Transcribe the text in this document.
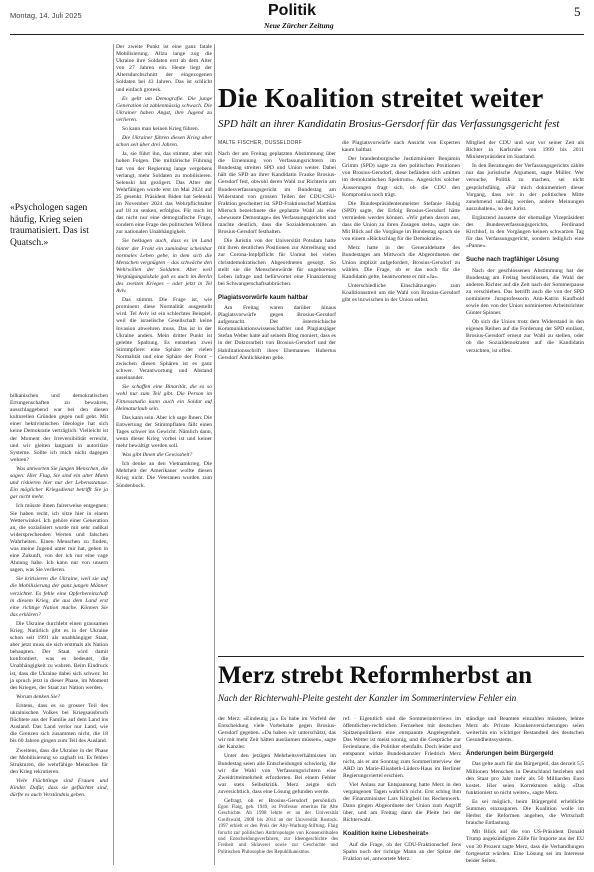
Montag, 14. Juli 2025	Politik
Neue Zürcher Zeitung
5
«Psychologen sagen häufig, Krieg seien traumatisiert. Das ist Quatsch.»

bilkanischen und demokratischen Errungenschaften zu bewahren, ausschlaggebend war bei den diesen kulturellen Gründen gegen null geht. Mit einer hektivistischen Ideologie hat sich keine Demokratie verträglich. Vielleicht ist der Moment der Irreversibilität erreicht, und wir gleiten langsam in autoritäre Systeme. Sollte ich mich nicht dagegen wehren?

Was antworten Sie jungen Menschen, die sagen: Hier Flug, Sie sind ein alter Mann und riskieren hier nur der Lebensstatuse. Ein möglicher Kriegsdienst betrifft Sie ja gar nicht mehr.

Ich müsste ihnen fairerweise entgegnen: Sie haben recht, ich sitze hier in einem Wetterwinkel. Ich gehöre einer Generation an, die sozialisiert wurde mit sehr radikal widersprechenden Werten und falschen Wahrheiten. Einen Menschen zu finden, was meine Jugend unter mir hat, gehen in eine Zukunft, von der ich nur eine vage Ahnung habe. Ich kann nur von unsern sagen, was Sie verlieren.

Sie kritisieren die Ukraine, weil sie auf die Mobilisierung der ganz jungen Männer verzichtet. Es fehle eine Opferbereitschaft in diesem Krieg, die aus dem Land erst eine richtige Nation mache. Können Sie das erklären?

Die Ukraine durchlebt einen grausamen Krieg. Natürlich gibt es in der Ukraine schon seit 1991 als unabhängiger Staat, aber jetzt muss sie sich erstmals als Nation behaupten. Der Staat wird damit konfrontiert, was es bedeutet, die Unabhängigkeit zu wahren. Beim Eindruck ist, dass die Ukraine dabei sich schwer. Ist ja spruch jetzt in dieser Phase, im Moment des Krieges, der Staat zur Nation werden.

Worum denken Sie?

Erstens, dass es so grosser Teil des ukrainischen Volkes bei Kriegsausbruch flüchtete aus der Familie auf dem Land ins Ausland. Das Land verlor nur Land, wie die Grenzen sich zusammen nicht, die 18 bis 60 Jahren gingen zum Teil des Ausland.

Zweitens, dass die Ukraine in der Phase der Mobilisierung so zaghaft ist. Es fehlen Strukturen, die wehrfähige Menschen für den Krieg rekrutieren.

Viele Flüchtlinge sind Frauen und Kinder. Dafür, dass sie geflüchtet sind, dürfte es auch Verständnis geben.

Der zweite Punkt ist eine ganz fatale Mobilisierung. Allzu lange zog die Ukraine ihre Soldaten erst ab dem Alter von 27 Jahren ein. Heute liegt der Altersdurchschnitt der eingezogenen Soldaten bei 43 Jahren. Das ist schlicht und einfach grotesk.

Es geht um Demografie. Die junge Generation ist zahlenmässig schwach. Die Ukrainer haben Angst, ihre Jugend zu verlieren.

So kann man keinen Krieg führen.

Die Ukrainer führen diesen Krieg aber schon seit über drei Jahren.

Ja, sie führt ihn, das stimmt, aber mit hohen Folgen. Die militärische Führung hat von der Regierung lange vergebens verlangt, mehr Soldaten zu mobilisieren. Selenski hat gezögert. Das Alter der Wehrfähigen wurde erst im Mai 2024 auf 25 gesenkt. Präsident Biden hat Selenski im November 2024 das Wehrpflichtalter auf 18 zu senken, erfolglos. Für mich ist das nicht nur eine demografische Frage, sondern eine Frage des politischen Willens zur nationalen Unabhängigkeit.

Sie beklagen auch, dass es im Land hinter der Front ein zumindest scheinbar normales Leben gebe, in dem sich die Menschen vergnügten – das schwäche den Wehrwillen der Soldaten. Aber weil Vergnügungslokale gab es auch im Berlin des zweiten Krieges – oder jetzt in Tel Aviv.

Das stimmt. Die Frage ist, wie prominent diese Normalität ausgestellt wird. Tel Aviv ist ein schlechtes Beispiel, weil die israelische Gesellschaft keine Invasion abwehren muss. Das ist in der Ukraine anders. Mein dritter Punkt ist gelebte Spaltung. Es entstehen zwei Stimmpfiere: eine Sphäre der vielen Normalität und eine Sphäre der Front – zwischen diesen Sphären ist es ganz schwer. Verantwortung und Abstand auseinander.

Sie schaffen eine Binarität, die es so wohl nur zum Teil gibt. Die Person im Fitnessstudio kann auch ein Soldat auf Heimaturlaub sein.

Das kann sein. Aber ich sage Ihnen: Die Entwertung der Stimmpflaten fällt einen Tages schwer ins Gewicht. Nämlich dann, wenn dieser Krieg vorbei ist und keiner mehr bewältigt werden soll.

Was gibt Ihnen die Gewissheit?

Ich denke an den Vietnamkrieg. Die Mehrheit der Amerikaner wollte diesen Krieg nicht. Die Veteranen wurden zum Sündenbock.

Die Koalition streitet weiter
SPD hält an ihrer Kandidatin Brosius-Gersdorf für das Verfassungsgericht fest
MALTE FISCHER, DÜSSELDORF

Nach der am Freitag geplatzten Abstimmung über die Ernennung von Verfassungsrichtern im Bundestag streiten SPD und Union weiter. Dabei hält die SPD an ihrer Kandidatin Frauke Brosius-Gersdorf fest, obwohl deren Wahl zur Richterin am Bundesverfassungsgericht im Bundestag am Widerstand von grossen Teilen der CDU/CSU-Fraktion gescheitert ist. SPD-Fraktionschef Matthias Miersch bezeichnete die geplatzte Wahl als eine «bewusste Demontage» des Verfassungsgerichts und machte deutlich, dass die Sozialdemokraten an Brosius-Gersdorf festhalten.

Die Juristin von der Universität Potsdam hatte mit ihren deutlichen Positionen zur Abtreibung und zur Corona-Impfpflicht für Unmut bei vielen christdemokratischen Abgeordneten gesorgt. So stellt sie die Menschenwürde für ungeborenes Leben infrage und befürwortet eine Finanzierung bei Schwangerschaftsabbrüchen.

Plagiatsvorwürfe kaum haltbar

Am Freitag waren darüber hinaus Plagiatsvorwürfe gegen Brosius-Gersdorf aufgetaucht. Der österreichische Kommunikationswissenschaftler und Plagiatsjäger Stefan Weber hatte auf seinem Blog moniert, dass es in der Doktorarbeit von Brosius-Gersdorf und der Habilitationsschrift ihres Ehemannes Hubertus Gersdorf Ähnlichkeiten gebe.

die Plagiatsvorwürfe nach Ansicht von Experten kaum haltbar.

Der brandenburgische Justizminister Benjamin Grimm (SPD) sagte zu den politischen Positionen von Brosius-Gersdorf, diese befänden sich «mitten im demokratischen Spektrum». Angesichts solcher Äusserungen fragt sich, ob die CDU den Kompromiss noch trägt.

Die Bundespräsidentenmeister Stefanie Hubig (SPD) sagte, der Erfolg Brosius-Gersdorf hätte vermieden werden können. «Wir gehen davon aus, dass die Union zu ihren Zusagen steht», sagte sie. Mit Blick auf die Vorgänge im Bundestag sprach sie von einem «Rückschlag für die Demokratie».

Merz hatte in der Generaldebatte des Bundestages am Mittwoch die Abgeordneten der Union implizit aufgefordert, Brosius-Gersdorf zu wählen. Die Frage, ob er das noch für die Kandidatin gelte, beantwortete er mit «Ja».

Unterschiedliche Einschätzungen zum Koalitionsstreit um die Wahl von Brosius-Gersdorf gibt es inzwischen in der Union selbst.

Mitglied der CDU und war vor seiner Zeit als Richter in Karlsruhe von 1999 bis 2011 Ministerpräsident im Saarland.

In den Beratungen der Verfassungsgerichts zählte nur das juristische Argument, sagte Müller. Wer versuche, Politik zu machen, sei nicht gesprächsfähig. «Für mich dokumentiert dieser Vorgang, dass wir in der politischen Mitte zunehmend unfähig werden, andere Meinungen auszuhalten», so der Jurist.

Ergänzend äusserte der ehemalige Vizepräsident des Bundesverfassungsgerichts, Ferdinand Kirchhof, in den Vorgängen keinen schwarzen Tag für das Verfassungsgericht, sondern lediglich eine «Panne».

Suche nach tragfähiger Lösung

Nach der geschlossenen Abstimmung hat der Bundestag am Freitag beschlossen, die Wahl der anderen Richter auf die Zeit nach der Sommerpause zu verschieben. Das betrifft auch die von der SPD nominierte Juraprofessorin Ann-Katrin Kaufhold sowie den von der Union nominierten Arbeitsrichter Günter Spinner.

Ob sich die Union trotz dem Widerstand in den eigenen Reihen auf die Forderung der SPD einlässt, Brosius-Gersdorf erneut zur Wahl zu stellen, oder ob die Sozialdemokraten auf die Kandidatin verzichten, ist offen.

Merz strebt Reformherbst an
Nach der Richterwahl-Pleite gesteht der Kanzler im Sommerinterview Fehler ein

ref. · Eigentlich sind die Sommerinterviews im öffentlichen-rechtlichen Fernsehen mit deutschen Spitzenpolitikern eine entspannte Angelegenheit. Das Wetter ist meist sonnig, und die Gespräche zur Ferienlaune, die Politiker ebenfalls. Doch leider und entspannt wirkte Bundeskanzler Friedrich Merz nicht, als er am Sonntag zum Sommerinterview der ARD im Marie-Elisabeth-Lüders-Haus im Berliner Regierungsviertel erschien.

Viel Anlass zur Entspannung hatte Merz in den vergangenen Tagen wahrlich nicht. Erst schlug ihm der Finanzminister Lars Klingbeil ins Rechenwerk. Dann gingen Abgeordnete der Union zum Angriff über, und am Freitag dann die Pleite bei der Richterwahl.

Koalition keine Liebesheirat»

Auf die Frage, ob der CDU-Fraktionschef Jens Spahn noch der richtige Mann an der Spitze der Fraktion sei, antwortete Merz.

ständige und Beamten einzahlen müssten, lehnte Merz ab. Private Krankenversicherungen seien weiterhin ein wichtiger Bestandteil des deutschen Gesundheitssystems.

Änderungen beim Bürgergeld

Das gelte auch für das Bürgergeld, das derzeit 5,5 Millionen Menschen in Deutschland beziehen und den Staat pro Jahr mehr als 50 Milliarden Euro kostet. Hier seien Korrekturen nötig. «Das funktioniert so nicht weiter», sagte Merz.

Es sei möglich, beim Bürgergeld erhebliche Summen einzusparen. Die Koalition wolle im Herbst die Reformen angehen, die Wirtschaft brauche Entlastung.

Mit Blick auf die von US-Präsident Donald Trump angekündigten Zölle für Importe aus der EU von 30 Prozent sagte Merz, dass die Verhandlungen fortgesetzt würden. Eine Lösung sei im Interesse beider Seiten.

der Merz: «Eindeutig ja.» Es habe im Vorfeld der Entscheidung viele Vorbehalte gegen Brosius-Gersdorf gegeben. «Da haben wir unterschätzt, das wir mit mehr Zeit hätten ausräumen müssen», sagte der Kanzler.

Unter den jetzigen Mehrheitsverhältnissen im Bundestag seien alle Entscheidungen schwierig, die wir die Wahl von Verfassungsrichtern eine Zweidrittelmehrheit erforderten. Bei einem Fehler war stets Selbstkritik. Merz zeigte sich zuversichtlich, dass eine Lösung gefunden werde.

Gefragt, ob er Brosius-Gersdorf persönlich

Egon Flaig, geb. 1949, ist Professor emeritus für Alte Geschichte. Ab 1998 lehrte er an der Universität Greifswald, 2008 bis 2014 an der Universität Rostock. 1997 erhielt er den Preis der Aby-Warburg-Stiftung. Flaig forscht zur politischen Anthropologie von Konsensritualen und Entscheidungsverfahren, zur Ideengeschichte des Freiheit und Sklaverei sowie zur Geschichte und Politischen Philosophie des Republikanismus.
